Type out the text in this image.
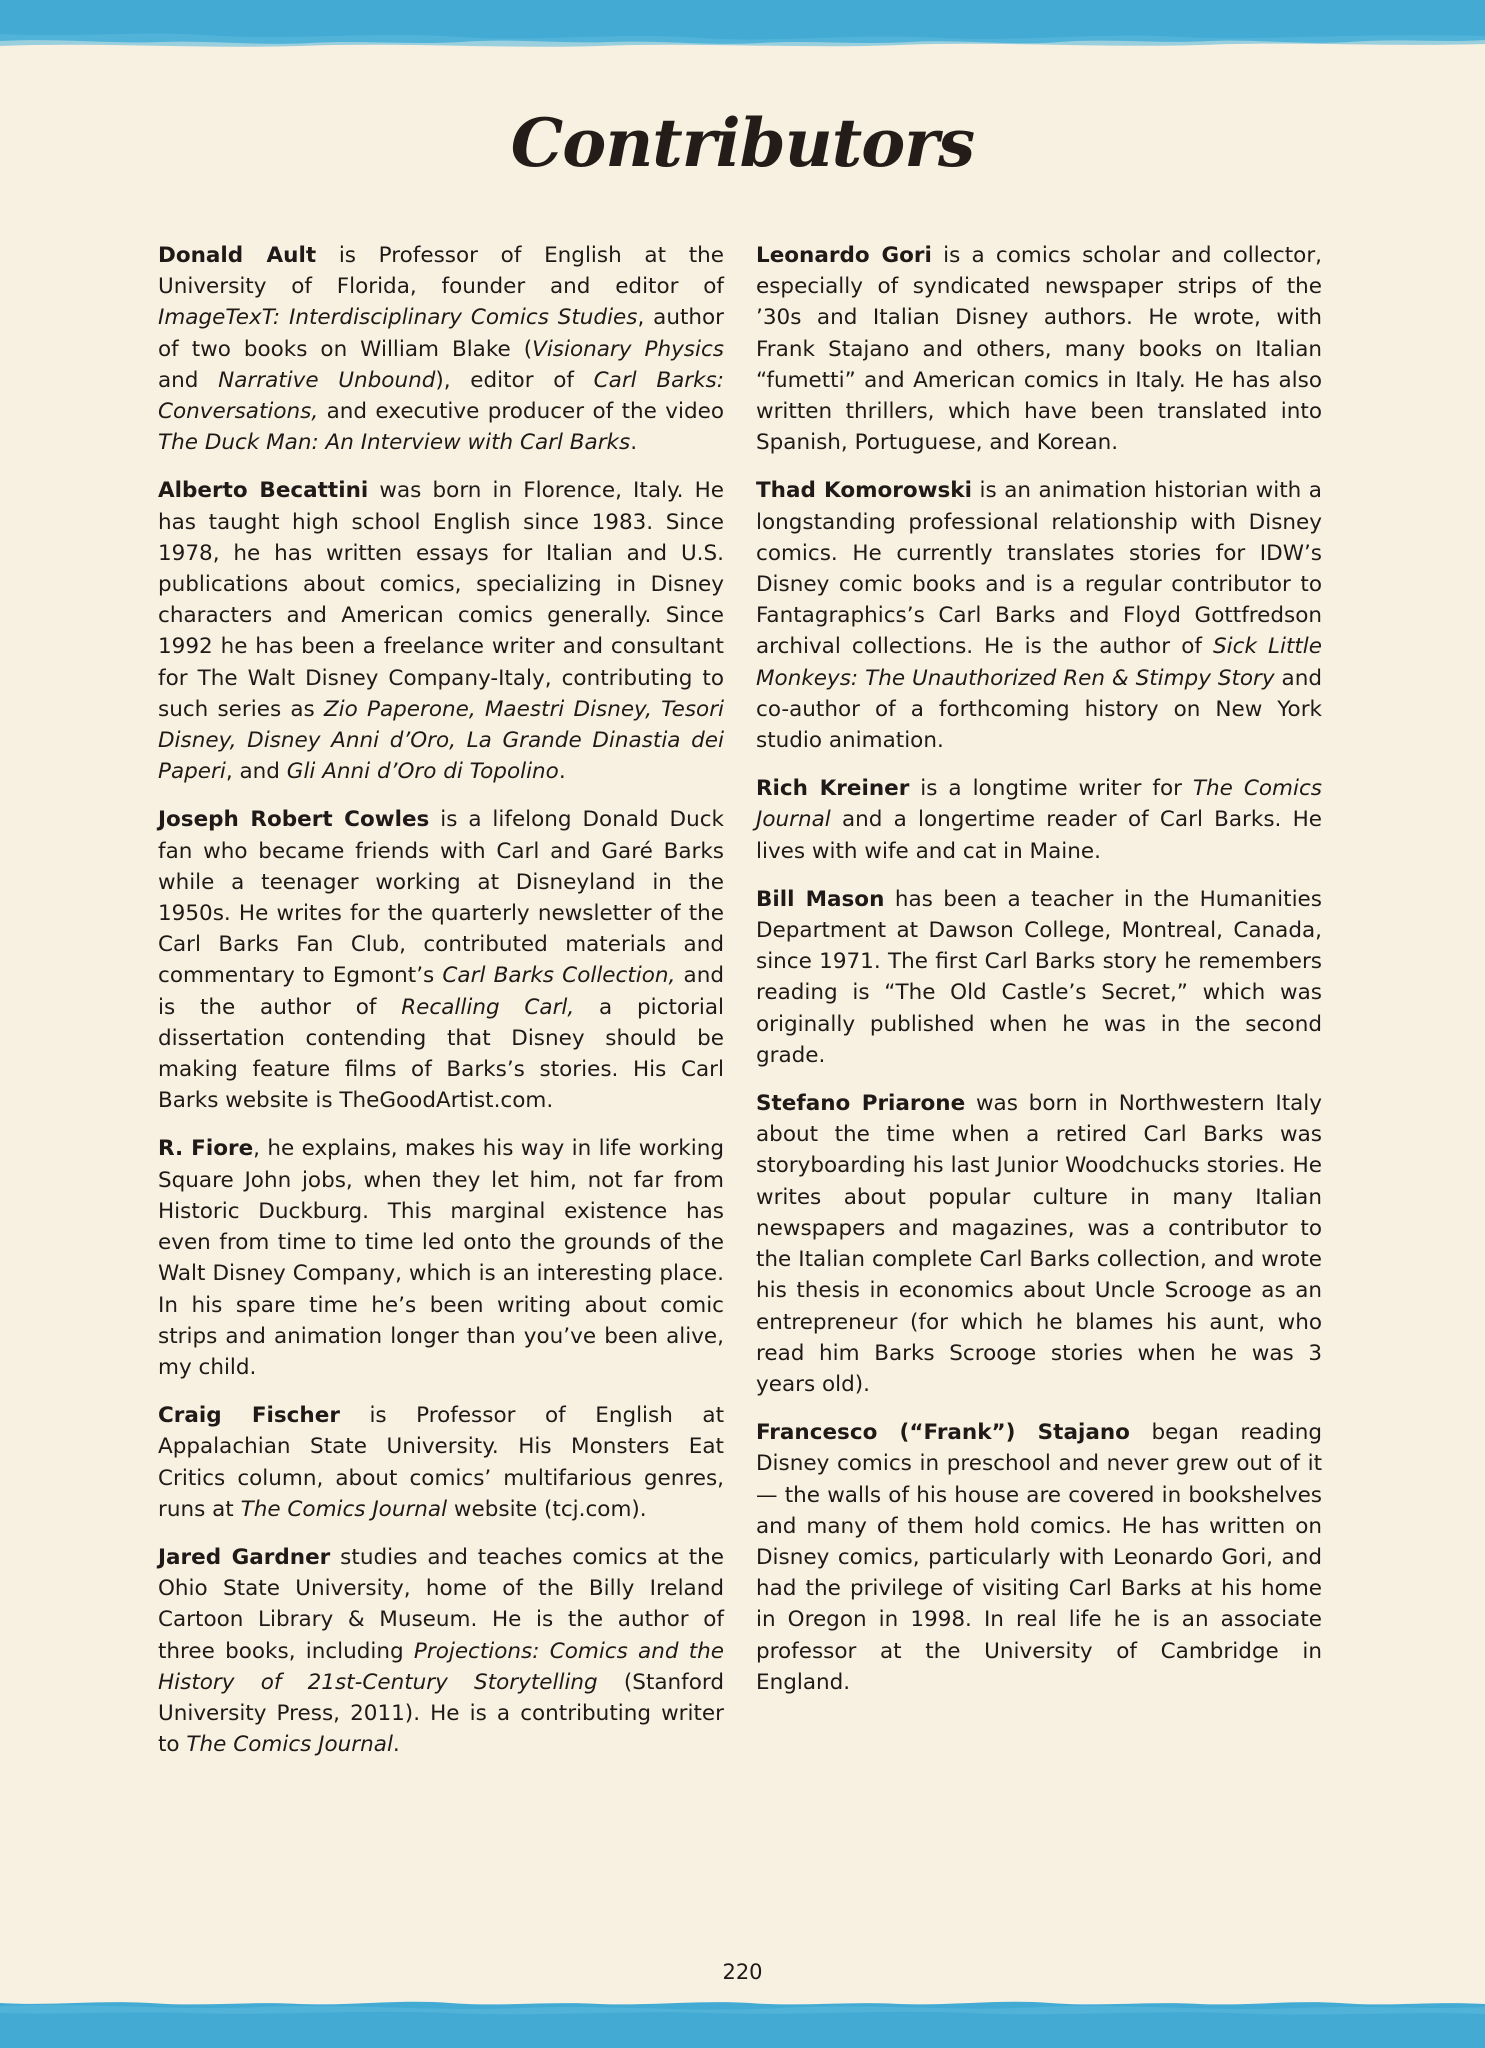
Contributors

Donald Ault is Professor of English at the University of Florida, founder and editor of ImageTexT: Interdisciplinary Comics Studies, author of two books on William Blake (Visionary Physics and Narrative Unbound), editor of Carl Barks: Conversations, and executive producer of the video The Duck Man: An Interview with Carl Barks.

Alberto Becattini was born in Florence, Italy. He has taught high school English since 1983. Since 1978, he has written essays for Italian and U.S. publications about comics, specializing in Disney characters and American comics generally. Since 1992 he has been a freelance writer and consultant for The Walt Disney Company-Italy, contributing to such series as Zio Paperone, Maestri Disney, Tesori Disney, Disney Anni d’Oro, La Grande Dinastia dei Paperi, and Gli Anni d’Oro di Topolino.

Joseph Robert Cowles is a lifelong Donald Duck fan who became friends with Carl and Garé Barks while a teenager working at Disneyland in the 1950s. He writes for the quarterly newsletter of the Carl Barks Fan Club, contributed materials and commentary to Egmont’s Carl Barks Collection, and is the author of Recalling Carl, a pictorial dissertation contending that Disney should be making feature films of Barks’s stories. His Carl Barks website is TheGoodArtist.com.

R. Fiore, he explains, makes his way in life working Square John jobs, when they let him, not far from Historic Duckburg. This marginal existence has even from time to time led onto the grounds of the Walt Disney Company, which is an interesting place. In his spare time he’s been writing about comic strips and animation longer than you’ve been alive, my child.

Craig Fischer is Professor of English at Appalachian State University. His Monsters Eat Critics column, about comics’ multifarious genres, runs at The Comics Journal website (tcj.com).

Jared Gardner studies and teaches comics at the Ohio State University, home of the Billy Ireland Cartoon Library & Museum. He is the author of three books, including Projections: Comics and the History of 21st-Century Storytelling (Stanford University Press, 2011). He is a contributing writer to The Comics Journal.

Leonardo Gori is a comics scholar and collector, especially of syndicated newspaper strips of the ’30s and Italian Disney authors. He wrote, with Frank Stajano and others, many books on Italian “fumetti” and American comics in Italy. He has also written thrillers, which have been translated into Spanish, Portuguese, and Korean.

Thad Komorowski is an animation historian with a longstanding professional relationship with Disney comics. He currently translates stories for IDW’s Disney comic books and is a regular contributor to Fantagraphics’s Carl Barks and Floyd Gottfredson archival collections. He is the author of Sick Little Monkeys: The Unauthorized Ren & Stimpy Story and co-author of a forthcoming history on New York studio animation.

Rich Kreiner is a longtime writer for The Comics Journal and a longertime reader of Carl Barks. He lives with wife and cat in Maine.

Bill Mason has been a teacher in the Humanities Department at Dawson College, Montreal, Canada, since 1971. The first Carl Barks story he remembers reading is “The Old Castle’s Secret,” which was originally published when he was in the second grade.

Stefano Priarone was born in Northwestern Italy about the time when a retired Carl Barks was storyboarding his last Junior Woodchucks stories. He writes about popular culture in many Italian newspapers and magazines, was a contributor to the Italian complete Carl Barks collection, and wrote his thesis in economics about Uncle Scrooge as an entrepreneur (for which he blames his aunt, who read him Barks Scrooge stories when he was 3 years old).

Francesco (“Frank”) Stajano began reading Disney comics in preschool and never grew out of it — the walls of his house are covered in bookshelves and many of them hold comics. He has written on Disney comics, particularly with Leonardo Gori, and had the privilege of visiting Carl Barks at his home in Oregon in 1998. In real life he is an associate professor at the University of Cambridge in England.

220
